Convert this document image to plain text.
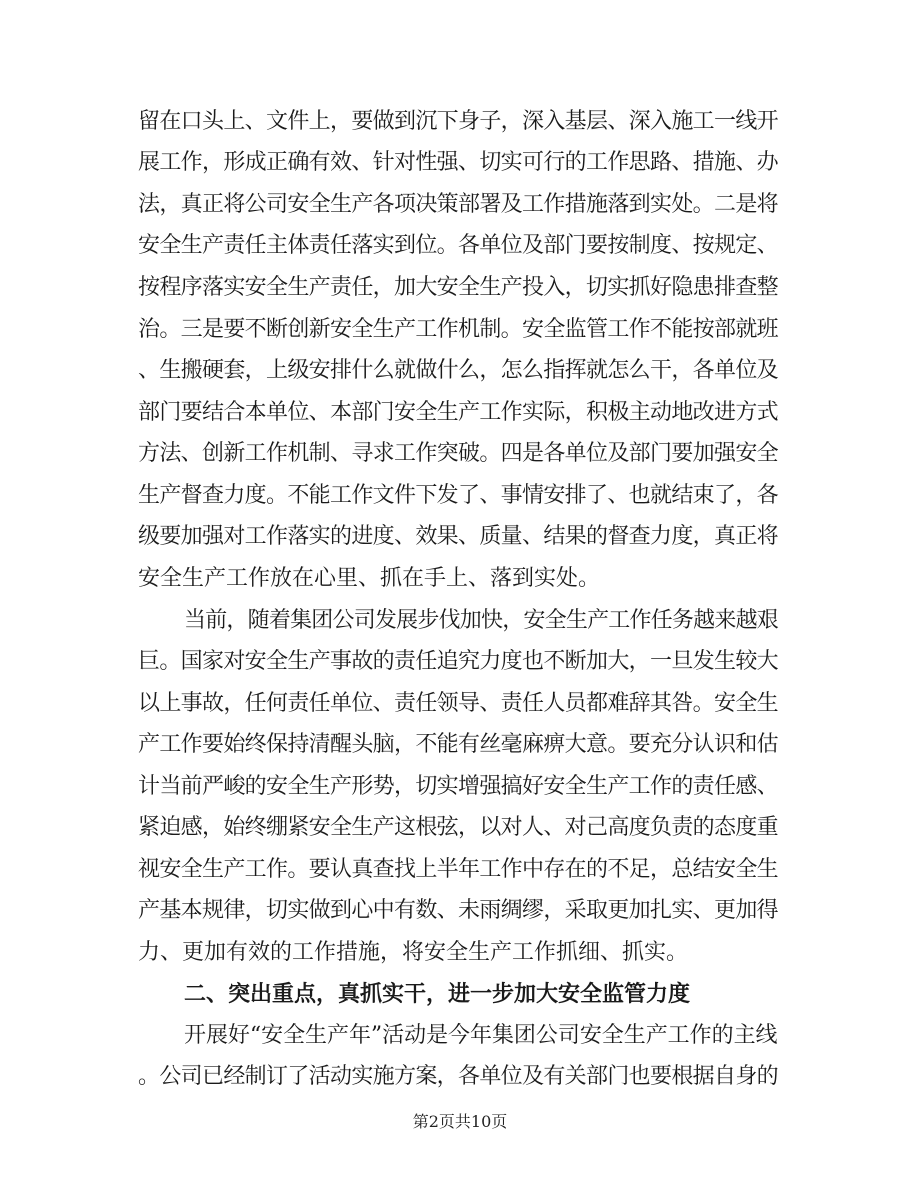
留在口头上、文件上，要做到沉下身子，深入基层、深入施工一线开
展工作，形成正确有效、针对性强、切实可行的工作思路、措施、办
法，真正将公司安全生产各项决策部署及工作措施落到实处。二是将
安全生产责任主体责任落实到位。各单位及部门要按制度、按规定、
按程序落实安全生产责任，加大安全生产投入，切实抓好隐患排查整
治。三是要不断创新安全生产工作机制。安全监管工作不能按部就班
、生搬硬套，上级安排什么就做什么，怎么指挥就怎么干，各单位及
部门要结合本单位、本部门安全生产工作实际，积极主动地改进方式
方法、创新工作机制、寻求工作突破。四是各单位及部门要加强安全
生产督查力度。不能工作文件下发了、事情安排了、也就结束了，各
级要加强对工作落实的进度、效果、质量、结果的督查力度，真正将
安全生产工作放在心里、抓在手上、落到实处。
当前，随着集团公司发展步伐加快，安全生产工作任务越来越艰
巨。国家对安全生产事故的责任追究力度也不断加大，一旦发生较大
以上事故，任何责任单位、责任领导、责任人员都难辞其咎。安全生
产工作要始终保持清醒头脑，不能有丝毫麻痹大意。要充分认识和估
计当前严峻的安全生产形势，切实增强搞好安全生产工作的责任感、
紧迫感，始终绷紧安全生产这根弦，以对人、对己高度负责的态度重
视安全生产工作。要认真查找上半年工作中存在的不足，总结安全生
产基本规律，切实做到心中有数、未雨绸缪，采取更加扎实、更加得
力、更加有效的工作措施，将安全生产工作抓细、抓实。
二、突出重点，真抓实干，进一步加大安全监管力度
开展好“安全生产年”活动是今年集团公司安全生产工作的主线
。公司已经制订了活动实施方案，各单位及有关部门也要根据自身的
第2页共10页
